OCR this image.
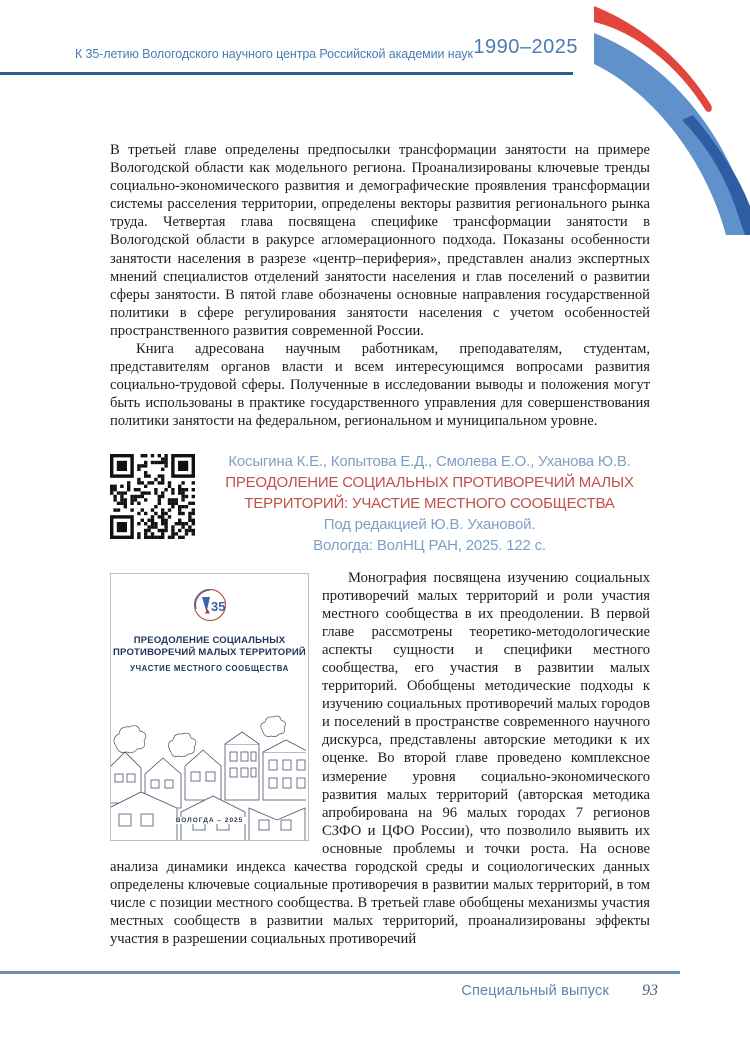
К 35-летию Вологодского научного центра Российской академии наук 1990–2025

В третьей главе определены предпосылки трансформации занятости на примере Вологодской области как модельного региона. Проанализированы ключевые тренды социально-экономического развития и демографические проявления трансформации системы расселения территории, определены векторы развития регионального рынка труда. Четвертая глава посвящена специфике трансформации занятости в Вологодской области в ракурсе агломерационного подхода. Показаны особенности занятости населения в разрезе «центр–периферия», представлен анализ экспертных мнений специалистов отделений занятости населения и глав поселений о развитии сферы занятости. В пятой главе обозначены основные направления государственной политики в сфере регулирования занятости населения с учетом особенностей пространственного развития современной России.

Книга адресована научным работникам, преподавателям, студентам, представителям органов власти и всем интересующимся вопросами развития социально-трудовой сферы. Полученные в исследовании выводы и положения могут быть использованы в практике государственного управления для совершенствования политики занятости на федеральном, региональном и муниципальном уровне.

Косыгина К.Е., Копытова Е.Д., Смолева Е.О., Уханова Ю.В.
ПРЕОДОЛЕНИЕ СОЦИАЛЬНЫХ ПРОТИВОРЕЧИЙ МАЛЫХ ТЕРРИТОРИЙ: УЧАСТИЕ МЕСТНОГО СООБЩЕСТВА
Под редакцией Ю.В. Ухановой.
Вологда: ВолНЦ РАН, 2025. 122 с.
35
ПРЕОДОЛЕНИЕ СОЦИАЛЬНЫХ
ПРОТИВОРЕЧИЙ МАЛЫХ ТЕРРИТОРИЙ
УЧАСТИЕ МЕСТНОГО СООБЩЕСТВА
ВОЛОГДА – 2025

Монография посвящена изучению социальных противоречий малых территорий и роли участия местного сообщества в их преодолении. В первой главе рассмотрены теоретико-методологические аспекты сущности и специфики местного сообщества, его участия в развитии малых территорий. Обобщены методические подходы к изучению социальных противоречий малых городов и поселений в пространстве современного научного дискурса, представлены авторские методики к их оценке. Во второй главе проведено комплексное измерение уровня социально-экономического развития малых территорий (авторская методика апробирована на 96 малых городах 7 регионов СЗФО и ЦФО России), что позволило выявить их основные проблемы и точки роста. На основе анализа динамики индекса качества городской среды и социологических данных определены ключевые социальные противоречия в развитии малых территорий, в том числе с позиции местного сообщества. В третьей главе обобщены механизмы участия местных сообществ в развитии малых территорий, проанализированы эффекты участия в разрешении социальных противоречий

Специальный выпуск 93
